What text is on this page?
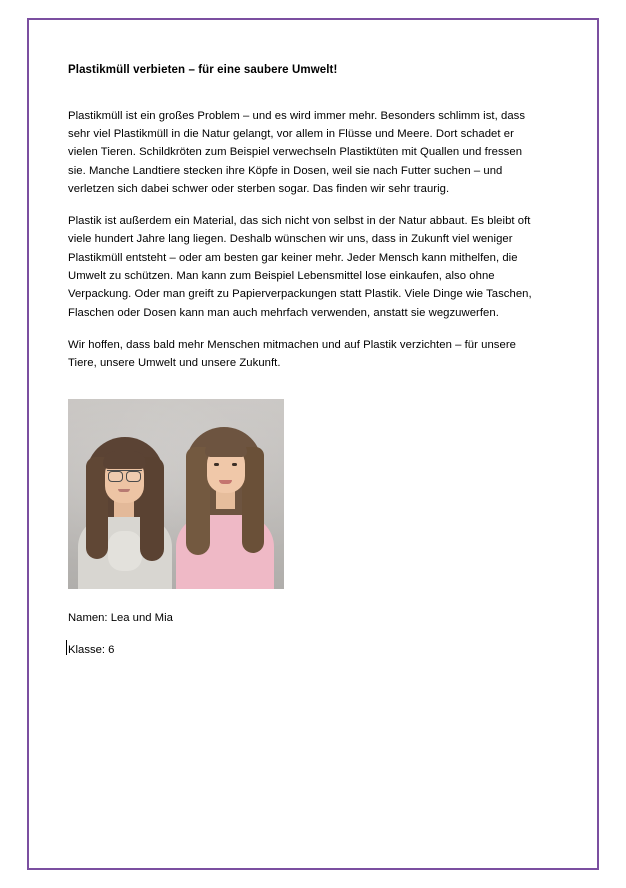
Plastikmüll verbieten – für eine saubere Umwelt!

Plastikmüll ist ein großes Problem – und es wird immer mehr. Besonders schlimm ist, dass sehr viel Plastikmüll in die Natur gelangt, vor allem in Flüsse und Meere. Dort schadet er vielen Tieren. Schildkröten zum Beispiel verwechseln Plastiktüten mit Quallen und fressen sie. Manche Landtiere stecken ihre Köpfe in Dosen, weil sie nach Futter suchen – und verletzen sich dabei schwer oder sterben sogar. Das finden wir sehr traurig.

Plastik ist außerdem ein Material, das sich nicht von selbst in der Natur abbaut. Es bleibt oft viele hundert Jahre lang liegen. Deshalb wünschen wir uns, dass in Zukunft viel weniger Plastikmüll entsteht – oder am besten gar keiner mehr. Jeder Mensch kann mithelfen, die Umwelt zu schützen. Man kann zum Beispiel Lebensmittel lose einkaufen, also ohne Verpackung. Oder man greift zu Papierverpackungen statt Plastik. Viele Dinge wie Taschen, Flaschen oder Dosen kann man auch mehrfach verwenden, anstatt sie wegzuwerfen.

Wir hoffen, dass bald mehr Menschen mitmachen und auf Plastik verzichten – für unsere Tiere, unsere Umwelt und unsere Zukunft.

Namen: Lea und Mia
Klasse: 6
